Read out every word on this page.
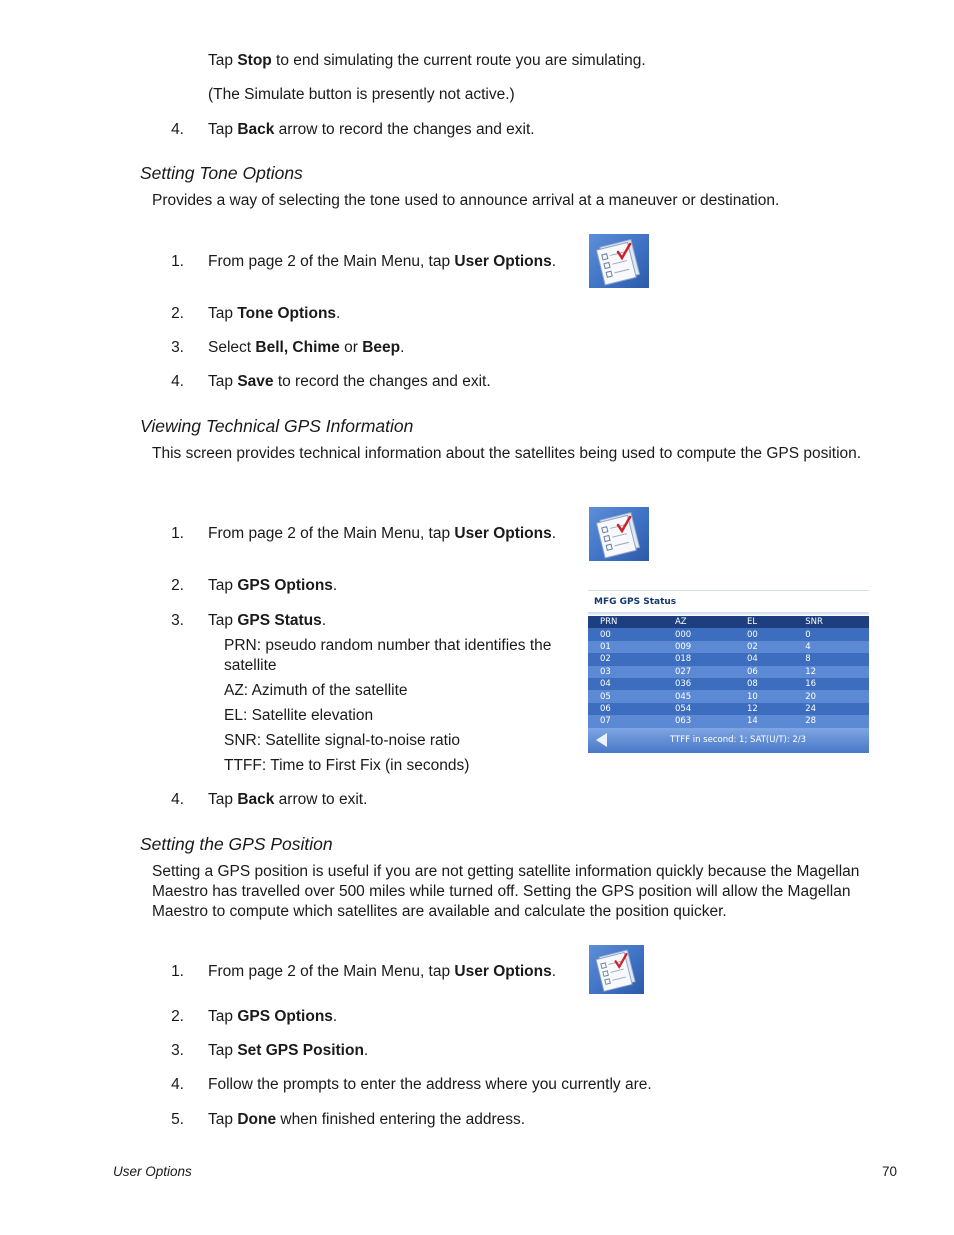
Tap Stop to end simulating the current route you are simulating.
(The Simulate button is presently not active.)
4. Tap Back arrow to record the changes and exit.
Setting Tone Options
Provides a way of selecting the tone used to announce arrival at a maneuver or destination.
1. From page 2 of the Main Menu, tap User Options.
2. Tap Tone Options.
3. Select Bell, Chime or Beep.
4. Tap Save to record the changes and exit.
Viewing Technical GPS Information
This screen provides technical information about the satellites being used to compute the GPS position.
1. From page 2 of the Main Menu, tap User Options.
2. Tap GPS Options.
3. Tap GPS Status.
PRN: pseudo random number that identifies the satellite
AZ: Azimuth of the satellite
EL: Satellite elevation
SNR: Satellite signal-to-noise ratio
TTFF: Time to First Fix (in seconds)
MFG GPS Status
PRN	AZ	EL	SNR
00	000	00	0
01	009	02	4
02	018	04	8
03	027	06	12
04	036	08	16
05	045	10	20
06	054	12	24
07	063	14	28
TTFF in second: 1; SAT(U/T): 2/3
4. Tap Back arrow to exit.
Setting the GPS Position
Setting a GPS position is useful if you are not getting satellite information quickly because the Magellan Maestro has travelled over 500 miles while turned off. Setting the GPS position will allow the Magellan Maestro to compute which satellites are available and calculate the position quicker.
1. From page 2 of the Main Menu, tap User Options.
2. Tap GPS Options.
3. Tap Set GPS Position.
4. Follow the prompts to enter the address where you currently are.
5. Tap Done when finished entering the address.
User Options	70
